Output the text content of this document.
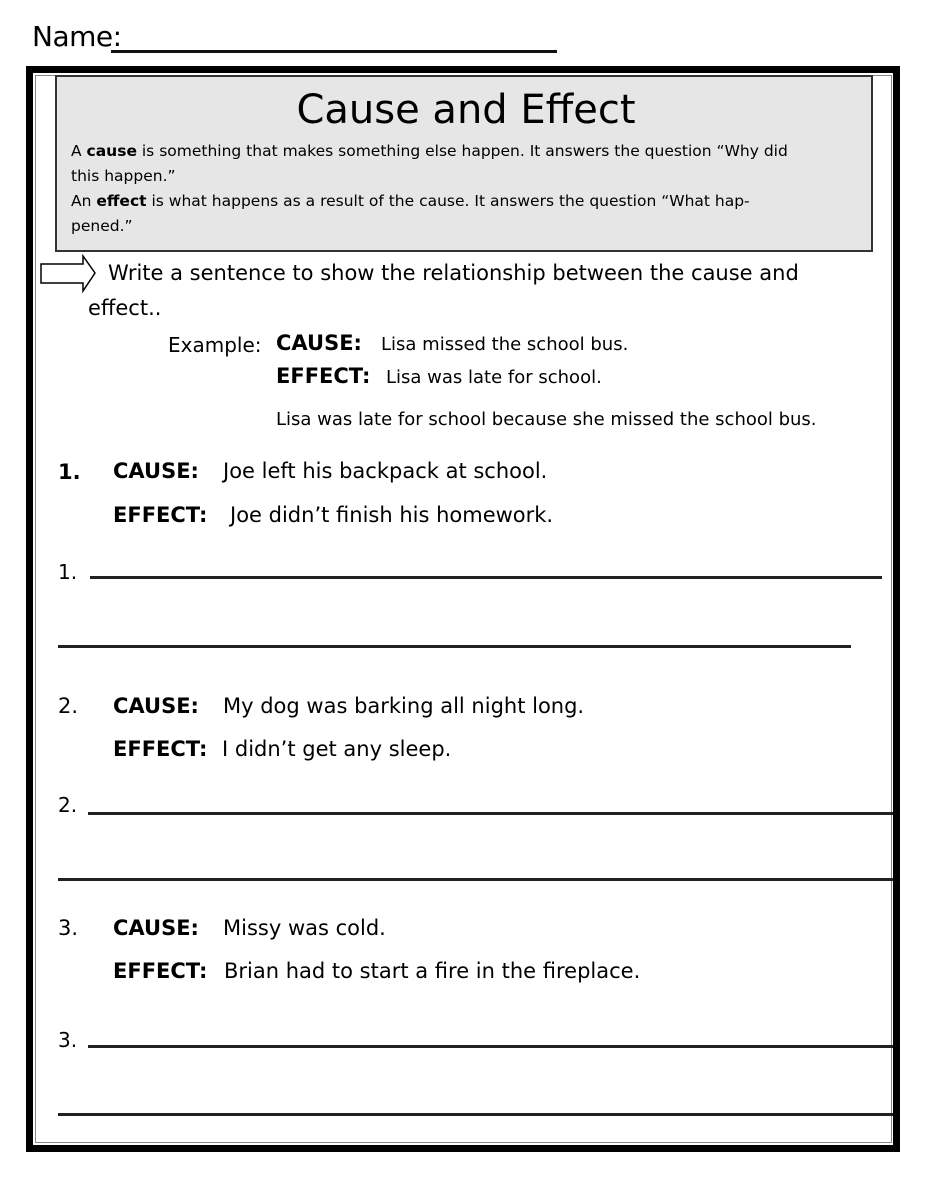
Name:
Cause and Effect
A cause is something that makes something else happen. It answers the question “Why did
this happen.”
An effect is what happens as a result of the cause. It answers the question “What hap-
pened.”
Write a sentence to show the relationship between the cause and
effect..
Example: CAUSE: Lisa missed the school bus.
EFFECT: Lisa was late for school.
Lisa was late for school because she missed the school bus.
1. CAUSE: Joe left his backpack at school.
EFFECT: Joe didn’t finish his homework.
1.
2. CAUSE: My dog was barking all night long.
EFFECT: I didn’t get any sleep.
2.
3. CAUSE: Missy was cold.
EFFECT: Brian had to start a fire in the fireplace.
3.
